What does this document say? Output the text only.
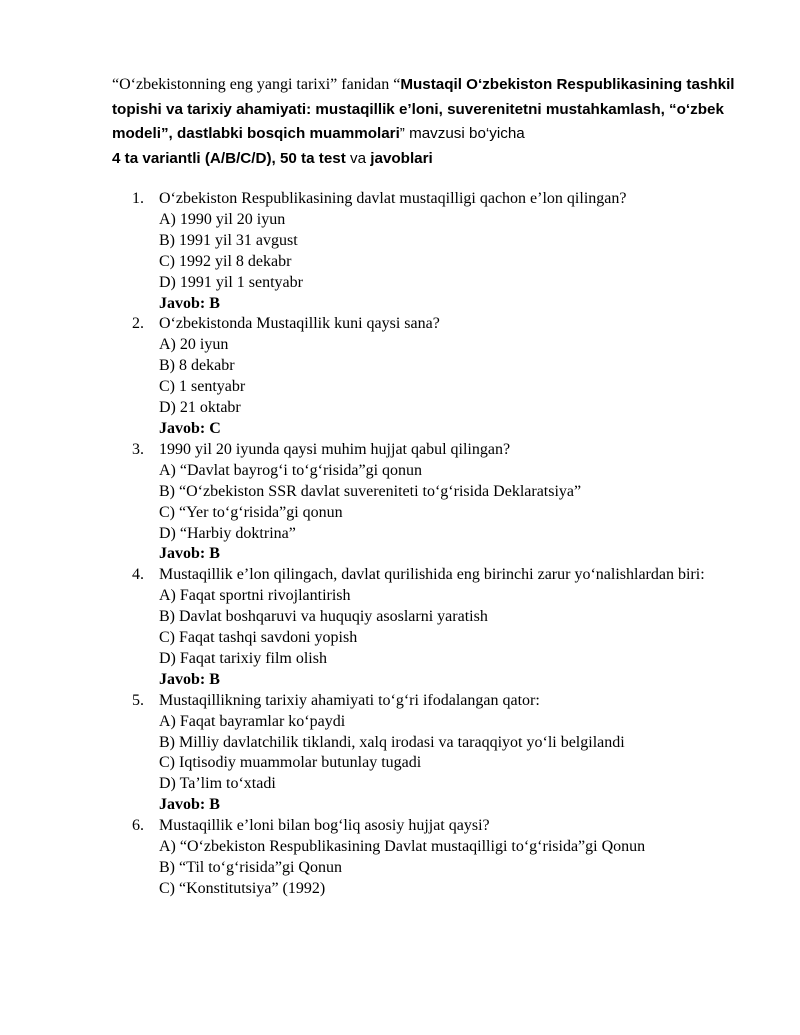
“O‘zbekistonning eng yangi tarixi” fanidan “Mustaqil O‘zbekiston Respublikasining tashkil topishi va tarixiy ahamiyati: mustaqillik e’loni, suverenitetni mustahkamlash, “o‘zbek modeli”, dastlabki bosqich muammolari” mavzusi bo‘yicha
4 ta variantli (A/B/C/D), 50 ta test va javoblari

1. O‘zbekiston Respublikasining davlat mustaqilligi qachon e’lon qilingan?
A) 1990 yil 20 iyun
B) 1991 yil 31 avgust
C) 1992 yil 8 dekabr
D) 1991 yil 1 sentyabr
Javob: B
2. O‘zbekistonda Mustaqillik kuni qaysi sana?
A) 20 iyun
B) 8 dekabr
C) 1 sentyabr
D) 21 oktabr
Javob: C
3. 1990 yil 20 iyunda qaysi muhim hujjat qabul qilingan?
A) “Davlat bayrog‘i to‘g‘risida”gi qonun
B) “O‘zbekiston SSR davlat suvereniteti to‘g‘risida Deklaratsiya”
C) “Yer to‘g‘risida”gi qonun
D) “Harbiy doktrina”
Javob: B
4. Mustaqillik e’lon qilingach, davlat qurilishida eng birinchi zarur yo‘nalishlardan biri:
A) Faqat sportni rivojlantirish
B) Davlat boshqaruvi va huquqiy asoslarni yaratish
C) Faqat tashqi savdoni yopish
D) Faqat tarixiy film olish
Javob: B
5. Mustaqillikning tarixiy ahamiyati to‘g‘ri ifodalangan qator:
A) Faqat bayramlar ko‘paydi
B) Milliy davlatchilik tiklandi, xalq irodasi va taraqqiyot yo‘li belgilandi
C) Iqtisodiy muammolar butunlay tugadi
D) Ta’lim to‘xtadi
Javob: B
6. Mustaqillik e’loni bilan bog‘liq asosiy hujjat qaysi?
A) “O‘zbekiston Respublikasining Davlat mustaqilligi to‘g‘risida”gi Qonun
B) “Til to‘g‘risida”gi Qonun
C) “Konstitutsiya” (1992)
